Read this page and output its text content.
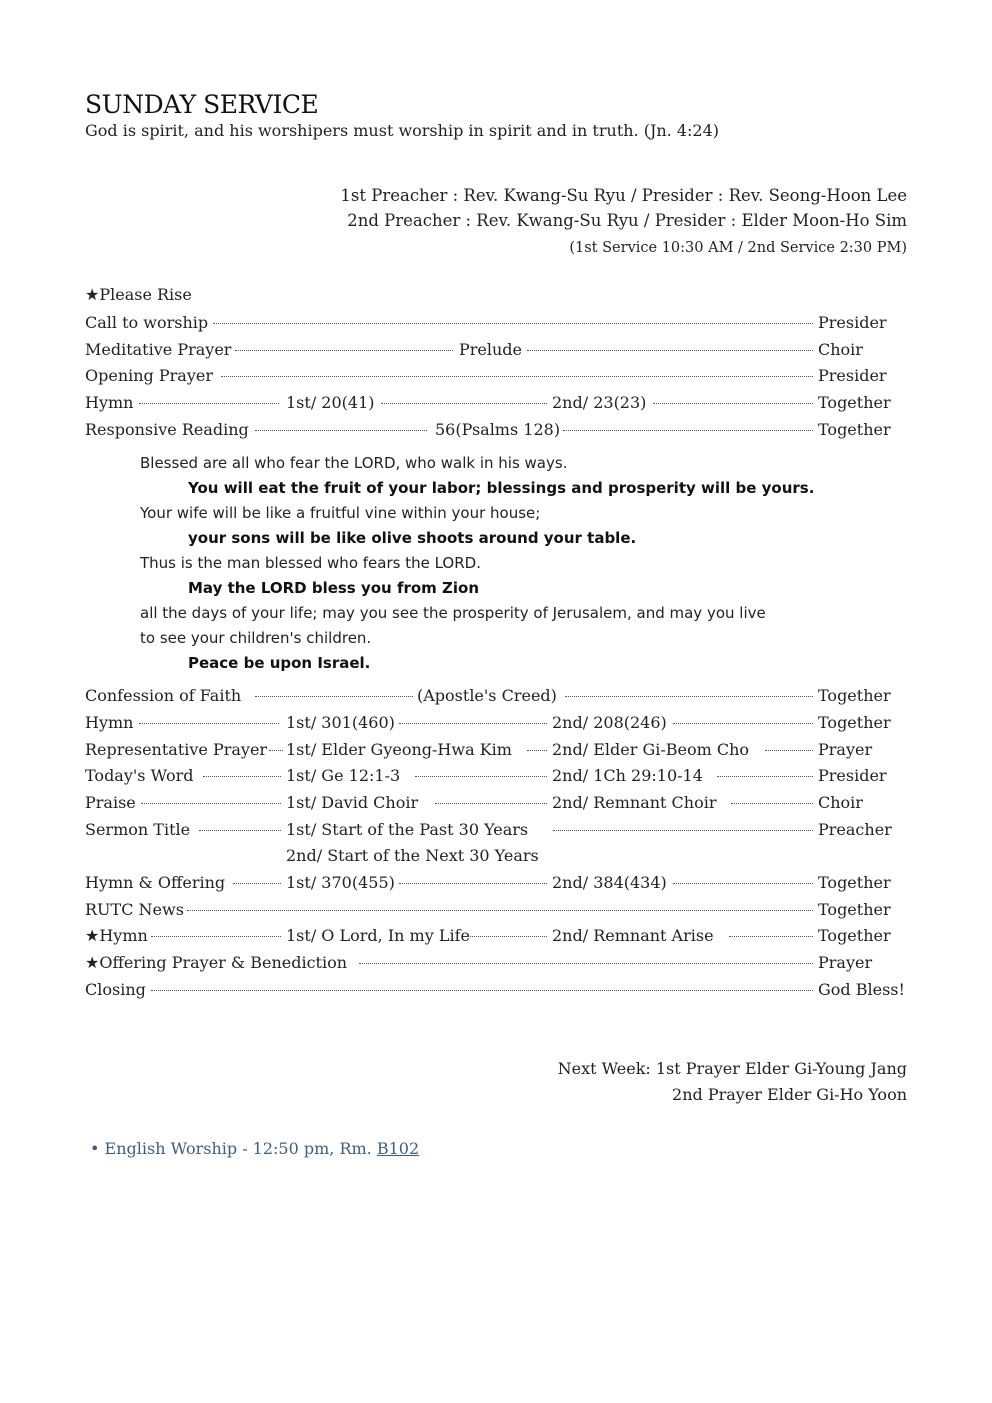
SUNDAY SERVICE
God is spirit, and his worshipers must worship in spirit and in truth. (Jn. 4:24)
1st Preacher : Rev. Kwang-Su Ryu / Presider : Rev. Seong-Hoon Lee
2nd Preacher : Rev. Kwang-Su Ryu / Presider : Elder Moon-Ho Sim
(1st Service 10:30 AM / 2nd Service 2:30 PM)
★Please Rise
Call to worship	Presider
Meditative Prayer	Prelude	Choir
Opening Prayer	Presider
Hymn	1st/ 20(41)	2nd/ 23(23)	Together
Responsive Reading	56(Psalms 128)	Together
Blessed are all who fear the LORD, who walk in his ways.
You will eat the fruit of your labor; blessings and prosperity will be yours.
Your wife will be like a fruitful vine within your house;
your sons will be like olive shoots around your table.
Thus is the man blessed who fears the LORD.
May the LORD bless you from Zion
all the days of your life; may you see the prosperity of Jerusalem, and may you live
to see your children's children.
Peace be upon Israel.
Confession of Faith	(Apostle's Creed)	Together
Hymn	1st/ 301(460)	2nd/ 208(246)	Together
Representative Prayer 1st/ Elder Gyeong-Hwa Kim	2nd/ Elder Gi-Beom Cho	Prayer
Today's Word	1st/ Ge 12:1-3	2nd/ 1Ch 29:10-14	Presider
Praise	1st/ David Choir	2nd/ Remnant Choir	Choir
Sermon Title	1st/ Start of the Past 30 Years	Preacher
2nd/ Start of the Next 30 Years
Hymn & Offering	1st/ 370(455)	2nd/ 384(434)	Together
RUTC News	Together
★Hymn	1st/ O Lord, In my Life	2nd/ Remnant Arise	Together
★Offering Prayer & Benediction	Prayer
Closing	God Bless!
Next Week: 1st Prayer Elder Gi-Young Jang
2nd Prayer Elder Gi-Ho Yoon
• English Worship - 12:50 pm, Rm. B102
